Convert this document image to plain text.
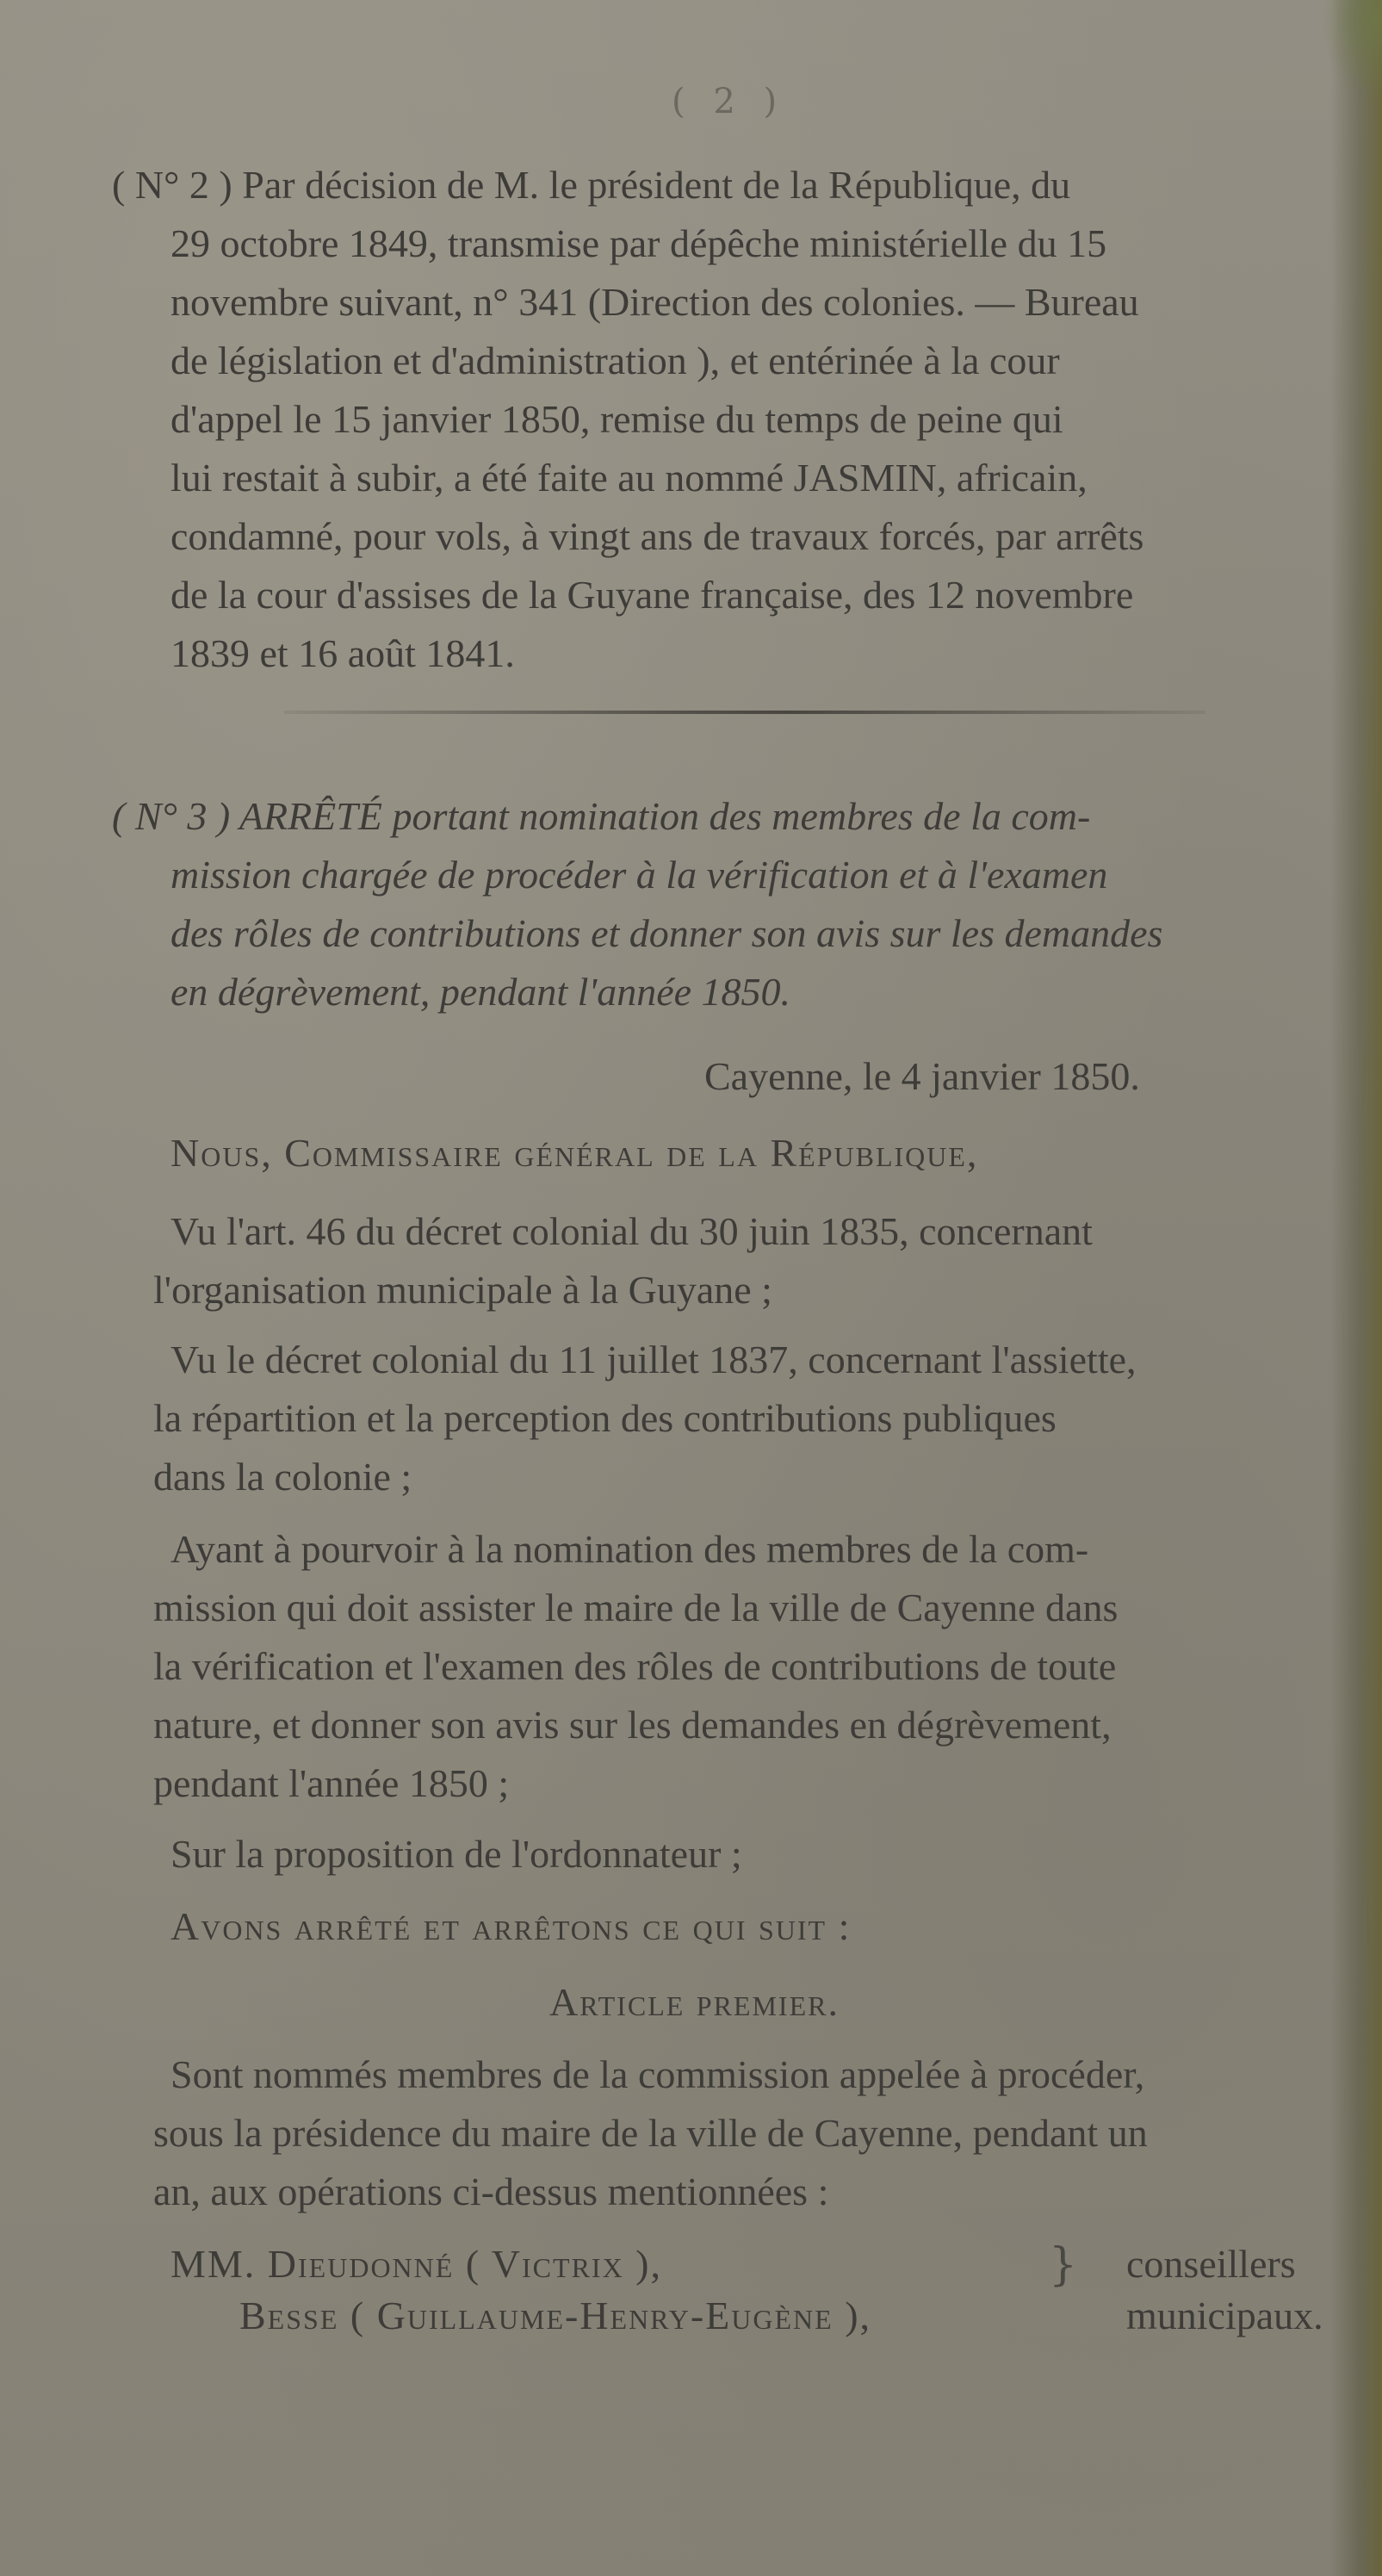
( 2 )
( N° 2 ) Par décision de M. le président de la République, du
29 octobre 1849, transmise par dépêche ministérielle du 15
novembre suivant, n° 341 (Direction des colonies. — Bureau
de législation et d'administration ), et entérinée à la cour
d'appel le 15 janvier 1850, remise du temps de peine qui
lui restait à subir, a été faite au nommé JASMIN, africain,
condamné, pour vols, à vingt ans de travaux forcés, par arrêts
de la cour d'assises de la Guyane française, des 12 novembre
1839 et 16 août 1841.
( N° 3 ) ARRÊTÉ portant nomination des membres de la com-
mission chargée de procéder à la vérification et à l'examen
des rôles de contributions et donner son avis sur les demandes
en dégrèvement, pendant l'année 1850.
Cayenne, le 4 janvier 1850.
Nous, Commissaire général de la République,
Vu l'art. 46 du décret colonial du 30 juin 1835, concernant
l'organisation municipale à la Guyane ;
Vu le décret colonial du 11 juillet 1837, concernant l'assiette,
la répartition et la perception des contributions publiques
dans la colonie ;
Ayant à pourvoir à la nomination des membres de la com-
mission qui doit assister le maire de la ville de Cayenne dans
la vérification et l'examen des rôles de contributions de toute
nature, et donner son avis sur les demandes en dégrèvement,
pendant l'année 1850 ;
Sur la proposition de l'ordonnateur ;
Avons arrêté et arrêtons ce qui suit :
Article premier.
Sont nommés membres de la commission appelée à procéder,
sous la présidence du maire de la ville de Cayenne, pendant un
an, aux opérations ci-dessus mentionnées :
MM. Dieudonné ( Victrix ),
Besse ( Guillaume-Henry-Eugène ),
} conseillers
municipaux.
